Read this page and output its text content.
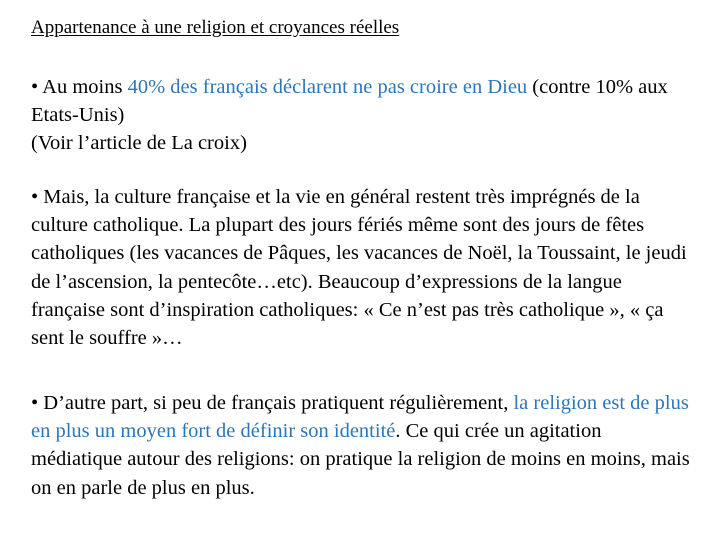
Appartenance à une religion et croyances réelles

• Au moins 40% des français déclarent ne pas croire en Dieu (contre 10% aux Etats-Unis)
(Voir l’article de La croix)

• Mais, la culture française et la vie en général restent très imprégnés de la culture catholique. La plupart des jours fériés même sont des jours de fêtes catholiques (les vacances de Pâques, les vacances de Noël, la Toussaint, le jeudi de l’ascension, la pentecôte…etc). Beaucoup d’expressions de la langue française sont d’inspiration catholiques: « Ce n’est pas très catholique », « ça sent le souffre »…

• D’autre part, si peu de français pratiquent régulièrement, la religion est de plus en plus un moyen fort de définir son identité. Ce qui crée un agitation médiatique autour des religions: on pratique la religion de moins en moins, mais on en parle de plus en plus.
